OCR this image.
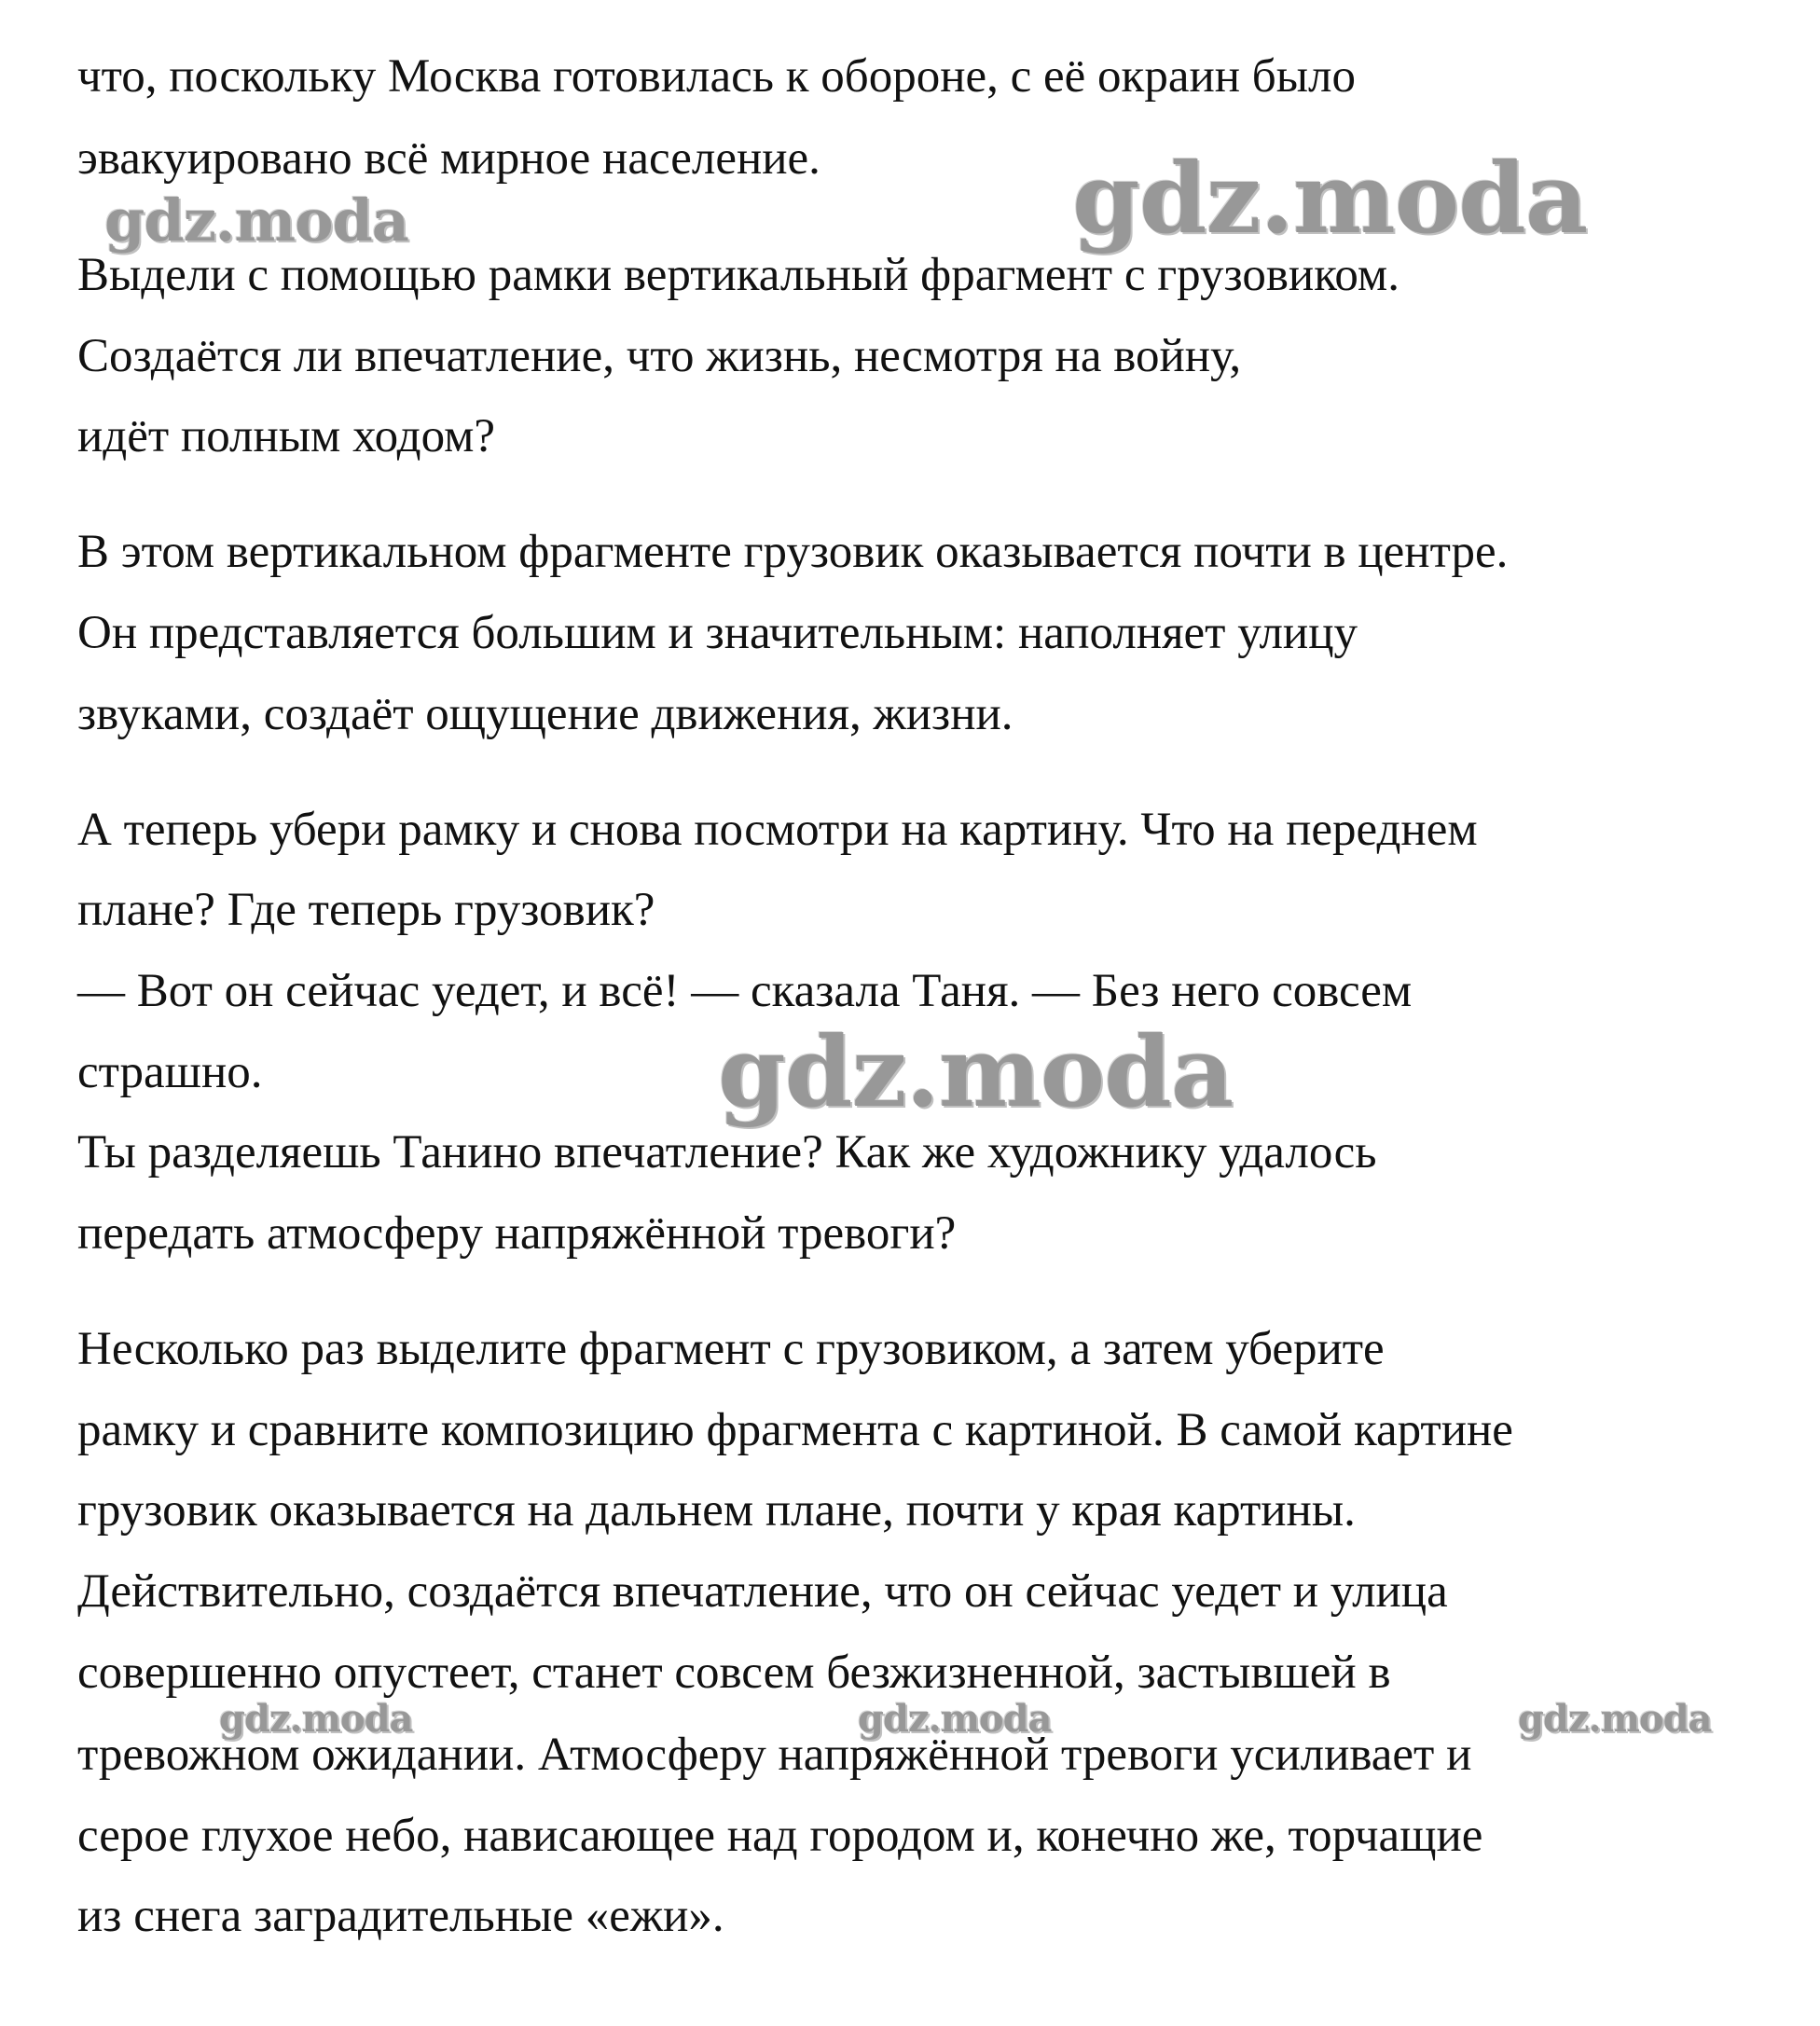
что, поскольку Москва готовилась к обороне, с её окраин было
эвакуировано всё мирное население.
Выдели с помощью рамки вертикальный фрагмент с грузовиком.
Создаётся ли впечатление, что жизнь, несмотря на войну,
идёт полным ходом?
В этом вертикальном фрагменте грузовик оказывается почти в центре.
Он представляется большим и значительным: наполняет улицу
звуками, создаёт ощущение движения, жизни.
А теперь убери рамку и снова посмотри на картину. Что на переднем
плане? Где теперь грузовик?
— Вот он сейчас уедет, и всё! — сказала Таня. — Без него совсем
страшно.
Ты разделяешь Танино впечатление? Как же художнику удалось
передать атмосферу напряжённой тревоги?
Несколько раз выделите фрагмент с грузовиком, а затем уберите
рамку и сравните композицию фрагмента с картиной. В самой картине
грузовик оказывается на дальнем плане, почти у края картины.
Действительно, создаётся впечатление, что он сейчас уедет и улица
совершенно опустеет, станет совсем безжизненной, застывшей в
тревожном ожидании. Атмосферу напряжённой тревоги усиливает и
серое глухое небо, нависающее над городом и, конечно же, торчащие
из снега заградительные «ежи».
gdz.moda	gdz.moda
gdz.moda
gdz.moda	gdz.moda	gdz.moda
